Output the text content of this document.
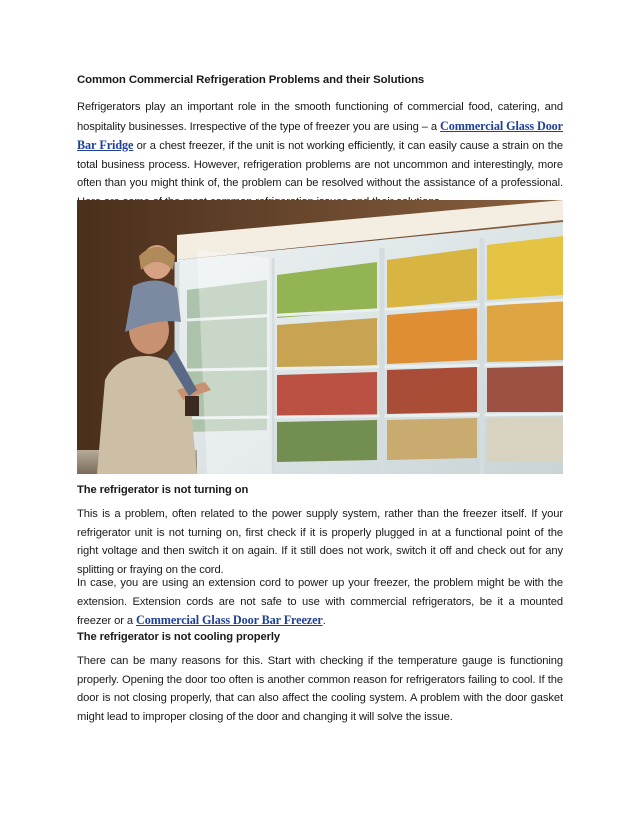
Common Commercial Refrigeration Problems and their Solutions
Refrigerators play an important role in the smooth functioning of commercial food, catering, and hospitality businesses. Irrespective of the type of freezer you are using – a Commercial Glass Door Bar Fridge or a chest freezer, if the unit is not working efficiently, it can easily cause a strain on the total business process. However, refrigeration problems are not uncommon and interestingly, more often than you might think of, the problem can be resolved without the assistance of a professional.
The refrigerator is not turning on
This is a problem, often related to the power supply system, rather than the freezer itself. If your refrigerator unit is not turning on, first check if it is properly plugged in at a functional point of the right voltage and then switch it on again. If it still does not work, switch it off and check out for any splitting or fraying on the cord.
In case, you are using an extension cord to power up your freezer, the problem might be with the extension. Extension cords are not safe to use with commercial refrigerators, be it a mounted freezer or a Commercial Glass Door Bar Freezer.
The refrigerator is not cooling properly
There can be many reasons for this. Start with checking if the temperature gauge is functioning properly. Opening the door too often is another common reason for refrigerators failing to cool. If the door is not closing properly, that can also affect the cooling system. A problem with the door gasket might lead to improper closing of the door and changing it will solve the issue.
